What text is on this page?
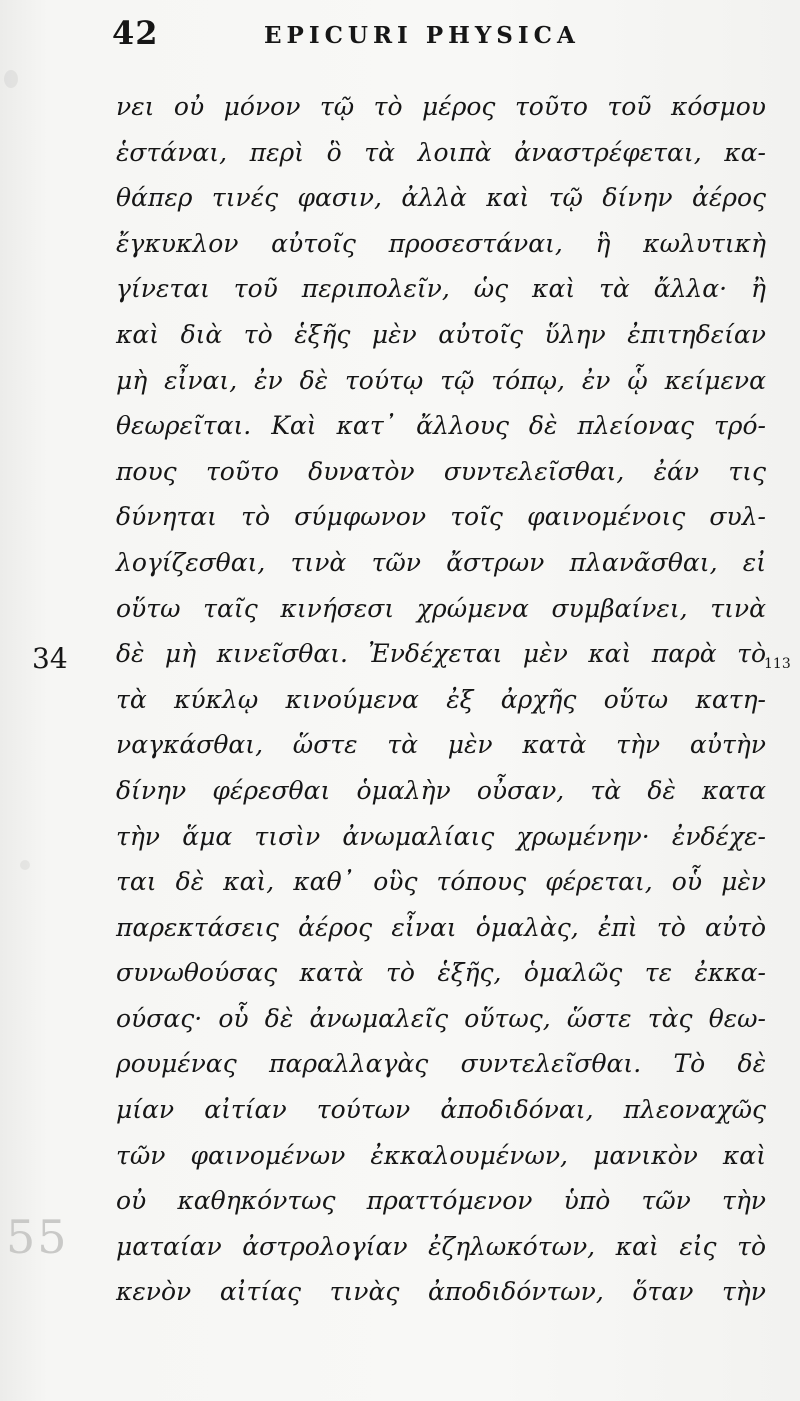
42	EPICURI PHYSICA
34	113
55
νει οὐ μόνον τῷ τὸ μέρος τοῦτο τοῦ κόσμου
ἑστάναι, περὶ ὃ τὰ λοιπὰ ἀναστρέφεται, κα-
θάπερ τινές φασιν, ἀλλὰ καὶ τῷ δίνην ἀέρος
ἔγκυκλον αὐτοῖς προσεστάναι, ἣ κωλυτικὴ
γίνεται τοῦ περιπολεῖν, ὡς καὶ τὰ ἄλλα· ἢ
καὶ διὰ τὸ ἑξῆς μὲν αὐτοῖς ὕλην ἐπιτηδείαν
μὴ εἶναι, ἐν δὲ τούτῳ τῷ τόπῳ, ἐν ᾧ κείμενα
θεωρεῖται. Καὶ κατ᾽ ἄλλους δὲ πλείονας τρό-
πους τοῦτο δυνατὸν συντελεῖσθαι, ἐάν τις
δύνηται τὸ σύμφωνον τοῖς φαινομένοις συλ-
λογίζεσθαι, τινὰ τῶν ἄστρων πλανᾶσθαι, εἰ
οὕτω ταῖς κινήσεσι χρώμενα συμβαίνει, τινὰ
δὲ μὴ κινεῖσθαι. Ἐνδέχεται μὲν καὶ παρὰ τὸ
τὰ κύκλῳ κινούμενα ἐξ ἀρχῆς οὕτω κατη-
ναγκάσθαι, ὥστε τὰ μὲν κατὰ τὴν αὐτὴν
δίνην φέρεσθαι ὁμαλὴν οὖσαν, τὰ δὲ κατα
τὴν ἅμα τισὶν ἀνωμαλίαις χρωμένην· ἐνδέχε-
ται δὲ καὶ, καθ᾽ οὓς τόπους φέρεται, οὗ μὲν
παρεκτάσεις ἀέρος εἶναι ὁμαλὰς, ἐπὶ τὸ αὐτὸ
συνωθούσας κατὰ τὸ ἑξῆς, ὁμαλῶς τε ἐκκα-
ούσας· οὗ δὲ ἀνωμαλεῖς οὕτως, ὥστε τὰς θεω-
ρουμένας παραλλαγὰς συντελεῖσθαι. Τὸ δὲ
μίαν αἰτίαν τούτων ἀποδιδόναι, πλεοναχῶς
τῶν φαινομένων ἐκκαλουμένων, μανικὸν καὶ
οὐ καθηκόντως πραττόμενον ὑπὸ τῶν τὴν
ματαίαν ἀστρολογίαν ἐζηλωκότων, καὶ εἰς τὸ
κενὸν αἰτίας τινὰς ἀποδιδόντων, ὅταν τὴν
